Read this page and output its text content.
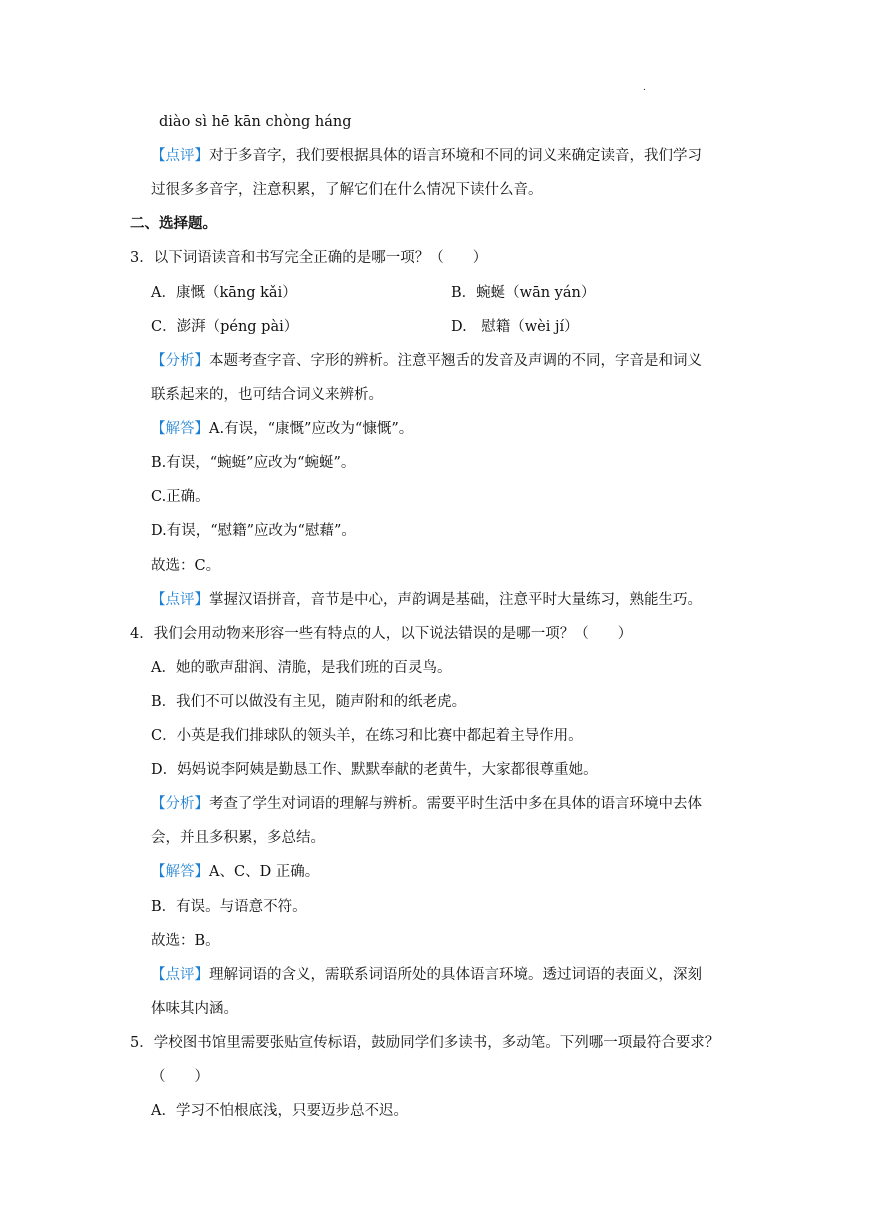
.
diào sì hē kān chòng háng
【点评】对于多音字，我们要根据具体的语言环境和不同的词义来确定读音，我们学习
过很多多音字，注意积累，了解它们在什么情况下读什么音。
二、选择题。
3．以下词语读音和书写完全正确的是哪一项？（　　）
A．康慨（kāng kǎi）	B．蜿蜒（wān yán）
C．澎湃（péng pài）	D.　慰籍（wèi jí）
【分析】本题考查字音、字形的辨析。注意平翘舌的发音及声调的不同，字音是和词义
联系起来的，也可结合词义来辨析。
【解答】A.有误，“康慨”应改为“慷慨”。
B.有误，“蜿蜓”应改为“蜿蜒”。
C.正确。
D.有误，“慰籍”应改为“慰藉”。
故选：C。
【点评】掌握汉语拼音，音节是中心，声韵调是基础，注意平时大量练习，熟能生巧。
4．我们会用动物来形容一些有特点的人，以下说法错误的是哪一项？（　　）
A．她的歌声甜润、清脆，是我们班的百灵鸟。
B．我们不可以做没有主见，随声附和的纸老虎。
C．小英是我们排球队的领头羊，在练习和比赛中都起着主导作用。
D．妈妈说李阿姨是勤恳工作、默默奉献的老黄牛，大家都很尊重她。
【分析】考查了学生对词语的理解与辨析。需要平时生活中多在具体的语言环境中去体
会，并且多积累，多总结。
【解答】A、C、D 正确。
B．有误。与语意不符。
故选：B。
【点评】理解词语的含义，需联系词语所处的具体语言环境。透过词语的表面义，深刻
体味其内涵。
5．学校图书馆里需要张贴宣传标语，鼓励同学们多读书，多动笔。下列哪一项最符合要求？
（　　）
A．学习不怕根底浅，只要迈步总不迟。
